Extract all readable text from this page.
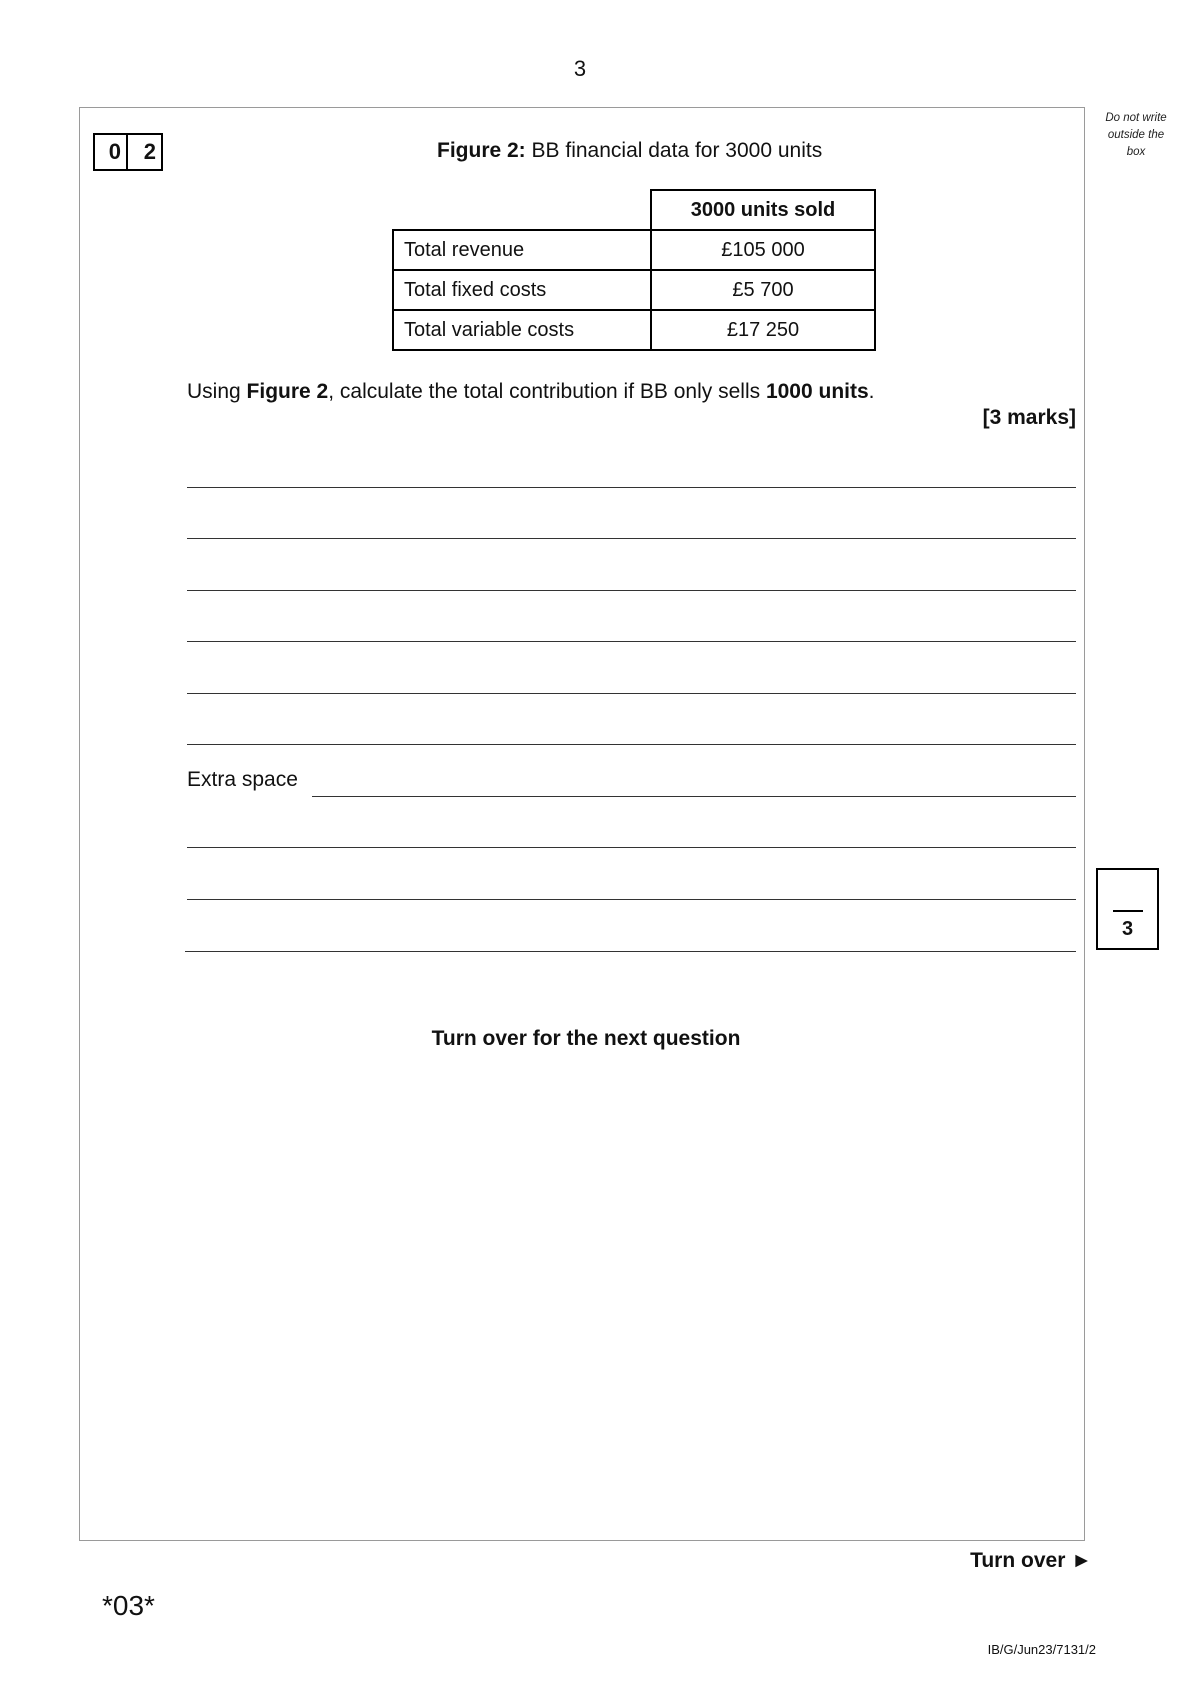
3
Do not write
outside the
box
0	2	Figure 2: BB financial data for 3000 units
	3000 units sold
Total revenue	£105 000
Total fixed costs	£5 700
Total variable costs	£17 250
Using Figure 2, calculate the total contribution if BB only sells 1000 units.
[3 marks]
Extra space
3
Turn over for the next question
Turn over ►
*03*
IB/G/Jun23/7131/2
